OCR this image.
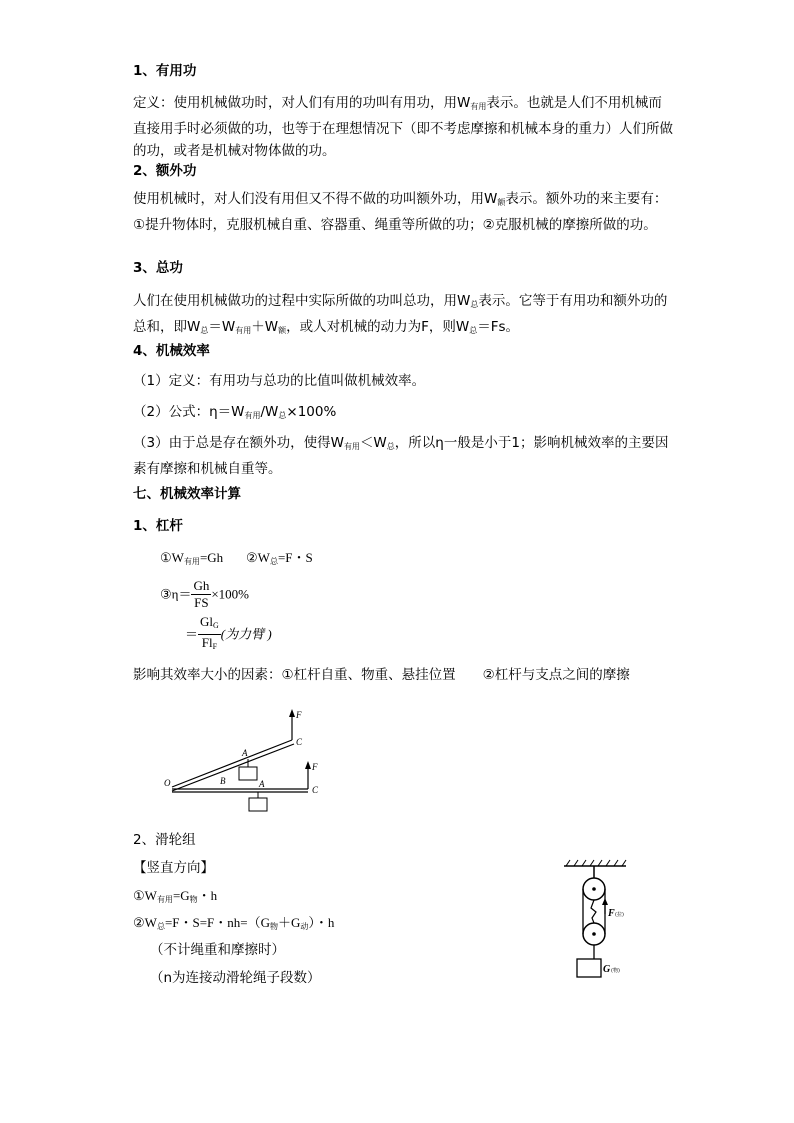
1、有用功
定义：使用机械做功时，对人们有用的功叫有用功，用$W_{有用}$表示。也就是人们不用机械而直接用手时必须做的功，也等于在理想情况下（即不考虑摩擦和机械本身的重力）人们所做的功，或者是机械对物体做的功。
2、额外功
使用机械时，对人们没有用但又不得不做的功叫额外功，用$W_额$表示。额外功的来主要有：①提升物体时，克服机械自重、容器重、绳重等所做的功；②克服机械的摩擦所做的功。
3、总功
人们在使用机械做功的过程中实际所做的功叫总功，用$W_总$表示。它等于有用功和额外功的总和，即$W_总=W_{有用}+W_额$，或人对机械的动力为F，则$W_总=Fs$。
4、机械效率
（1）定义：有用功与总功的比值叫做机械效率。
（2）公式：$\eta=W_{有用}/W_总\times 100\%$
（3）由于总是存在额外功，使得$W_{有用}<W_总$，所以η一般是小于1；影响机械效率的主要因素有摩擦和机械自重等。
七、机械效率计算
1、杠杆
$①W_{有用}=Gh$ $②W_总=F$・S
③η＝ $\frac{Gh}{FS} \times 100\%$
＝ $\frac{Gl_G}{Fl_F}$ (为力臂 )
影响其效率大小的因素：①杠杆自重、物重、悬挂位置　　②杠杆与支点之间的摩擦
O	B
A
A
C
C
F
F
2、滑轮组
【竖直方向】
$①W_{有用}=G_物$・h
$②W_总=F$・S=F・$nh=(G_物+G_动)$・h
（不计绳重和摩擦时）
（n为连接动滑轮绳子段数）
F (拉)
G (物)
